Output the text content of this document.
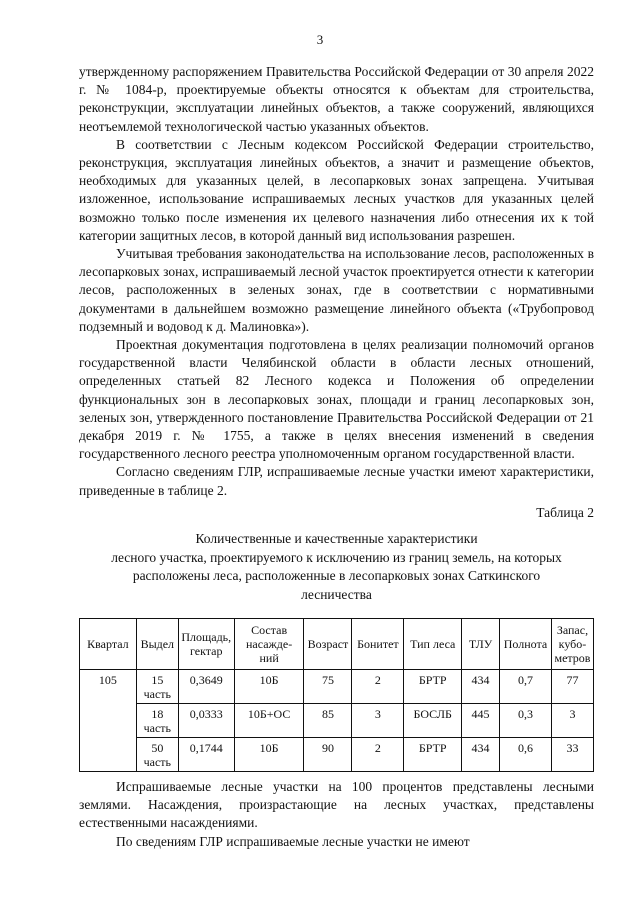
3

утвержденному распоряжением Правительства Российской Федерации от 30 апреля 2022 г. № 1084-р, проектируемые объекты относятся к объектам для строительства, реконструкции, эксплуатации линейных объектов, а также сооружений, являющихся неотъемлемой технологической частью указанных объектов.

В соответствии с Лесным кодексом Российской Федерации строительство, реконструкция, эксплуатация линейных объектов, а значит и размещение объектов, необходимых для указанных целей, в лесопарковых зонах запрещена. Учитывая изложенное, использование испрашиваемых лесных участков для указанных целей возможно только после изменения их целевого назначения либо отнесения их к той категории защитных лесов, в которой данный вид использования разрешен.

Учитывая требования законодательства на использование лесов, расположенных в лесопарковых зонах, испрашиваемый лесной участок проектируется отнести к категории лесов, расположенных в зеленых зонах, где в соответствии с нормативными документами в дальнейшем возможно размещение линейного объекта («Трубопровод подземный и водовод к д. Малиновка»).

Проектная документация подготовлена в целях реализации полномочий органов государственной власти Челябинской области в области лесных отношений, определенных статьей 82 Лесного кодекса и Положения об определении функциональных зон в лесопарковых зонах, площади и границ лесопарковых зон, зеленых зон, утвержденного постановление Правительства Российской Федерации от 21 декабря 2019 г. № 1755, а также в целях внесения изменений в сведения государственного лесного реестра уполномоченным органом государственной власти.

Согласно сведениям ГЛР, испрашиваемые лесные участки имеют характеристики, приведенные в таблице 2.

Таблица 2
Количественные и качественные характеристики
лесного участка, проектируемого к исключению из границ земель, на которых
расположены леса, расположенные в лесопарковых зонах Саткинского
лесничества
Квартал	Выдел	Площадь, гектар	Состав насажде-ний	Возраст	Бонитет	Тип леса	ТЛУ	Полнота	Запас, кубо-метров
105	15 часть	0,3649	10Б	75	2	БРТР	434	0,7	77
	18 часть	0,0333	10Б+ОС	85	3	БОСЛБ	445	0,3	3
	50 часть	0,1744	10Б	90	2	БРТР	434	0,6	33

Испрашиваемые лесные участки на 100 процентов представлены лесными землями. Насаждения, произрастающие на лесных участках, представлены естественными насаждениями.

По сведениям ГЛР испрашиваемые лесные участки не имеют
